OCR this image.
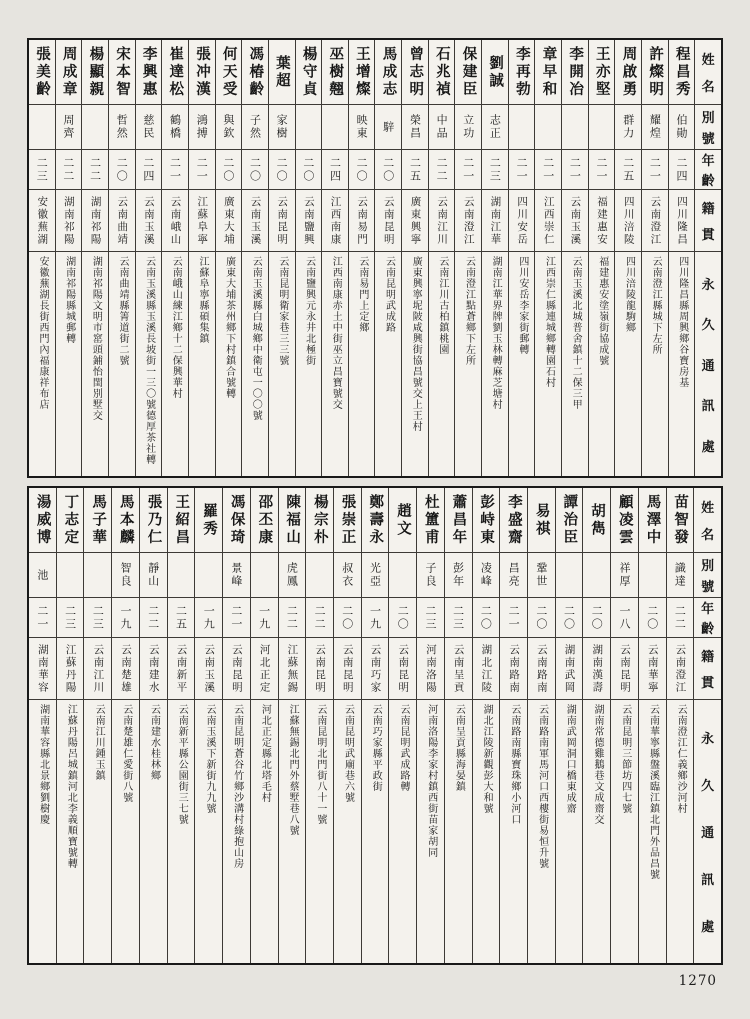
姓
名
別
號
年
齡
籍
貫
永
久
通
訊
處
程昌秀
伯勛
二四
四川隆昌
四川隆昌縣周興鄉谷寶房基
許燦明
耀煌
二一
云南澄江
云南澄江縣城下左所
周啟勇
群力
二五
四川涪陵
四川涪陵龍駒鄉
王亦堅
二一
福建惠安
福建惠安塗嶺街協成號
李開冶
二一
云南玉溪
云南玉溪北城普舍鎮十二保三甲
章早和
二一
江西崇仁
江西崇仁縣連城鄉轉園石村
李再勃
二一
四川安岳
四川安岳李家街郵轉
劉誠
志正
二三
湖南江華
湖南江華界牌劉玉林轉麻芝塘村
保建臣
立功
二一
云南澄江
云南澄江點蒼鄉下左所
石兆禎
中品
二二
云南江川
云南江川古柏鎮桃園
曾志明
榮昌
二五
廣東興寧
廣東興寧坭陂咸興街協昌號交上王村
馬成志
騂
二〇
云南昆明
云南昆明武成路
王增燦
映東
二〇
云南易門
云南易門上定鄉
巫樹翹
二四
江西南康
江西南康赤土中街巫立昌寶號交
楊守貞
二〇
云南鹽興
云南鹽興元永井北極街
葉超
家樹
二〇
云南昆明
云南昆明衛家巷三三號
馮椿齡
子然
二〇
云南玉溪
云南玉溪縣白城鄉中衛屯一〇〇號
何天受
與欽
二〇
廣東大埔
廣東大埔茶州鄉下村鎮合號轉
張冲漢
鴻搏
二一
江蘇阜寧
江蘇阜寧縣碩集鎮
崔達松
鶴橋
二一
云南峨山
云南峨山練江鄉十二保興華村
李興惠
慈民
二四
云南玉溪
云南玉溪縣玉溪長坡街一三〇號德厚茶社轉
宋本智
哲然
二〇
云南曲靖
云南曲靖縣箐道街二號
楊顯親
二二
湖南祁陽
湖南祁陽文明市窰頭鋪怡閨別墅交
周成章
周齊
二二
湖南祁陽
湖南祁陽縣城郵轉
張美齡
二三
安徽蕪湖
安徽蕪湖長街西門內福康祥布店
姓
名
別
號
年
齡
籍
貫
永
久
通
訊
處
苗智發
識達
二二
云南澄江
云南澄江仁義鄉沙河村
馬澤中
二〇
云南華寧
云南華寧縣盤溪臨江鎮北門外品昌號
顧凌雲
祥厚
一八
云南昆明
云南昆明三節坊四七號
胡雋
二〇
湖南漢壽
湖南常德雞鵝巷文成齋交
譚治臣
二〇
湖南武岡
湖南武岡洞口橋東成齋
易祺
鞏世
二〇
云南路南
云南路南軍馬河口西樓街易恒升號
李盛齋
昌亮
二一
云南路南
云南路南縣寶珠鄉小河口
彭峙東
凌峰
二〇
湖北江陵
湖北江陵新觀彭大和號
蕭昌年
彭年
二三
云南呈貢
云南呈貢縣海晏鎮
杜簠甫
子良
二三
河南洛陽
河南洛陽李家村鎮西街苗家胡同
趙文
二〇
云南昆明
云南昆明武成路轉
鄭壽永
光亞
一九
云南巧家
云南巧家縣平政街
張崇正
叔衣
二〇
云南昆明
云南昆明武廟巷六號
楊宗朴
二二
云南昆明
云南昆明北門街八十一號
陳福山
虎鳳
二二
江蘇無錫
江蘇無錫北門外蔡墅巷八號
邵丕康
一九
河北正定
河北正定縣北塔毛村
馮保琦
景峰
二一
云南昆明
云南昆明蒼谷竹鄉沙溝村綠抱山房
羅秀
一九
云南玉溪
云南玉溪下新街九九號
王紹昌
二五
云南新平
云南新平縣公園街三七號
張乃仁
靜山
二二
云南建水
云南建水桂林鄉
馬本麟
智良
一九
云南楚雄
云南楚雄仁愛街八號
馬子華
二三
云南江川
云南江川鍾玉鎮
丁志定
二三
江蘇丹陽
江蘇丹陽呂城鎮河北李義順寶號轉
湯威博
池
二一
湖南華容
湖南華容縣北景鄉劉樹慶
1270
